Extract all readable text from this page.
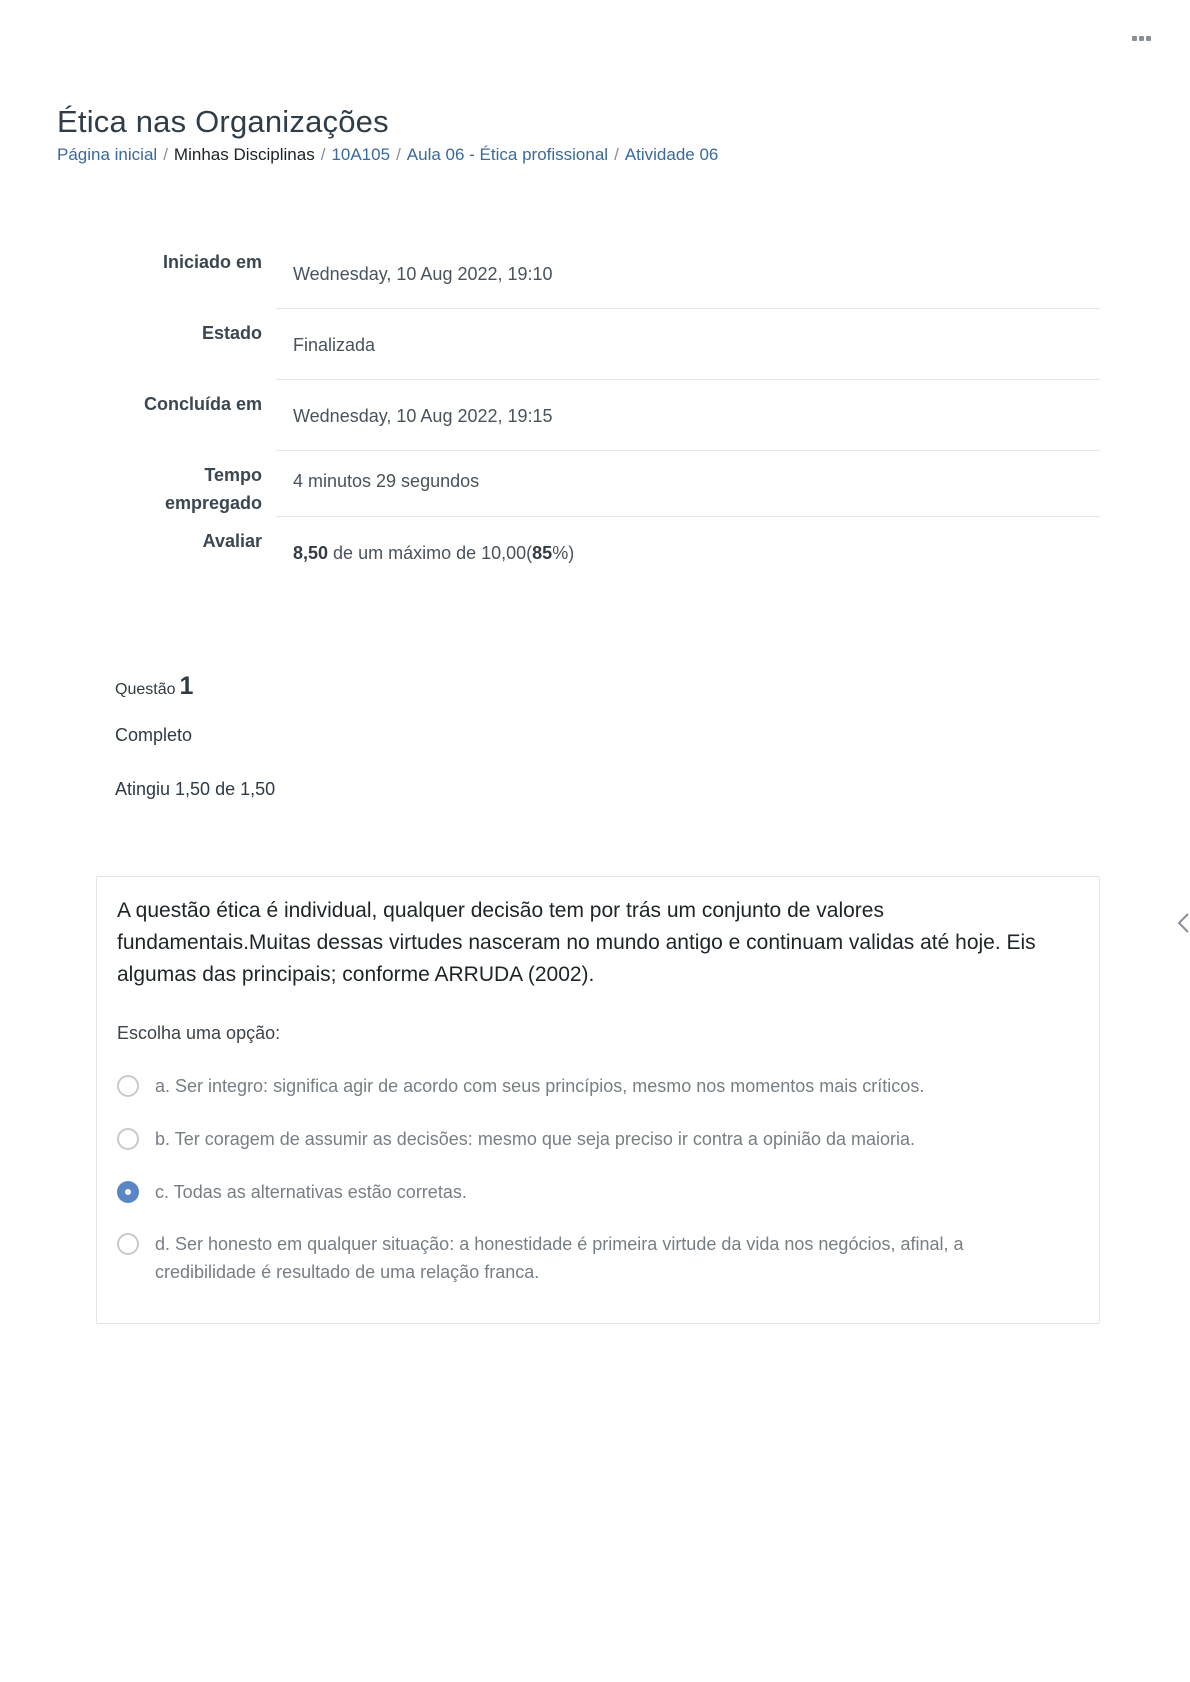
Ética nas Organizações
Página inicial / Minhas Disciplinas / 10A105 / Aula 06 - Ética profissional / Atividade 06
Iniciado em
Wednesday, 10 Aug 2022, 19:10
Estado
Finalizada
Concluída em
Wednesday, 10 Aug 2022, 19:15
Tempo
empregado
4 minutos 29 segundos
Avaliar
8,50 de um máximo de 10,00(85%)
Questão 1
Completo
Atingiu 1,50 de 1,50
A questão ética é individual, qualquer decisão tem por trás um conjunto de valores fundamentais.Muitas dessas virtudes nasceram no mundo antigo e continuam validas até hoje. Eis algumas das principais; conforme ARRUDA (2002).
Escolha uma opção:
a. Ser integro: significa agir de acordo com seus princípios, mesmo nos momentos mais críticos.
b. Ter coragem de assumir as decisões: mesmo que seja preciso ir contra a opinião da maioria.
c. Todas as alternativas estão corretas.
d. Ser honesto em qualquer situação: a honestidade é primeira virtude da vida nos negócios, afinal, a credibilidade é resultado de uma relação franca.
